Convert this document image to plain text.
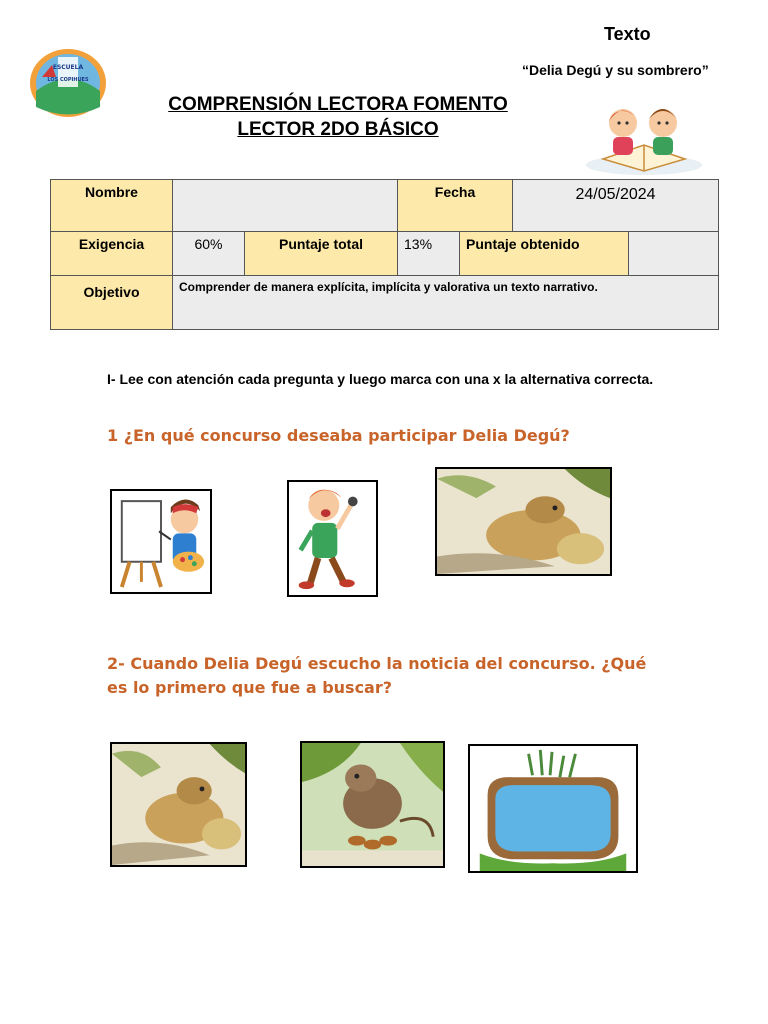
Texto
“Delia Degú y su sombrero”
ESCUELA
LOS COPIHUES
COMPRENSIÓN LECTORA FOMENTO
LECTOR 2DO BÁSICO
Nombre			Fecha		24/05/2024	
Exigencia	60%	Puntaje total	13%	Puntaje obtenido		
Objetivo	Comprender de manera explícita, implícita y valorativa un texto narrativo.					
I- Lee con atención cada pregunta y luego marca con una x la alternativa correcta.
1 ¿En qué concurso deseaba participar Delia Degú?
2- Cuando Delia Degú escucho la noticia del concurso. ¿Qué es lo primero que fue a buscar?
